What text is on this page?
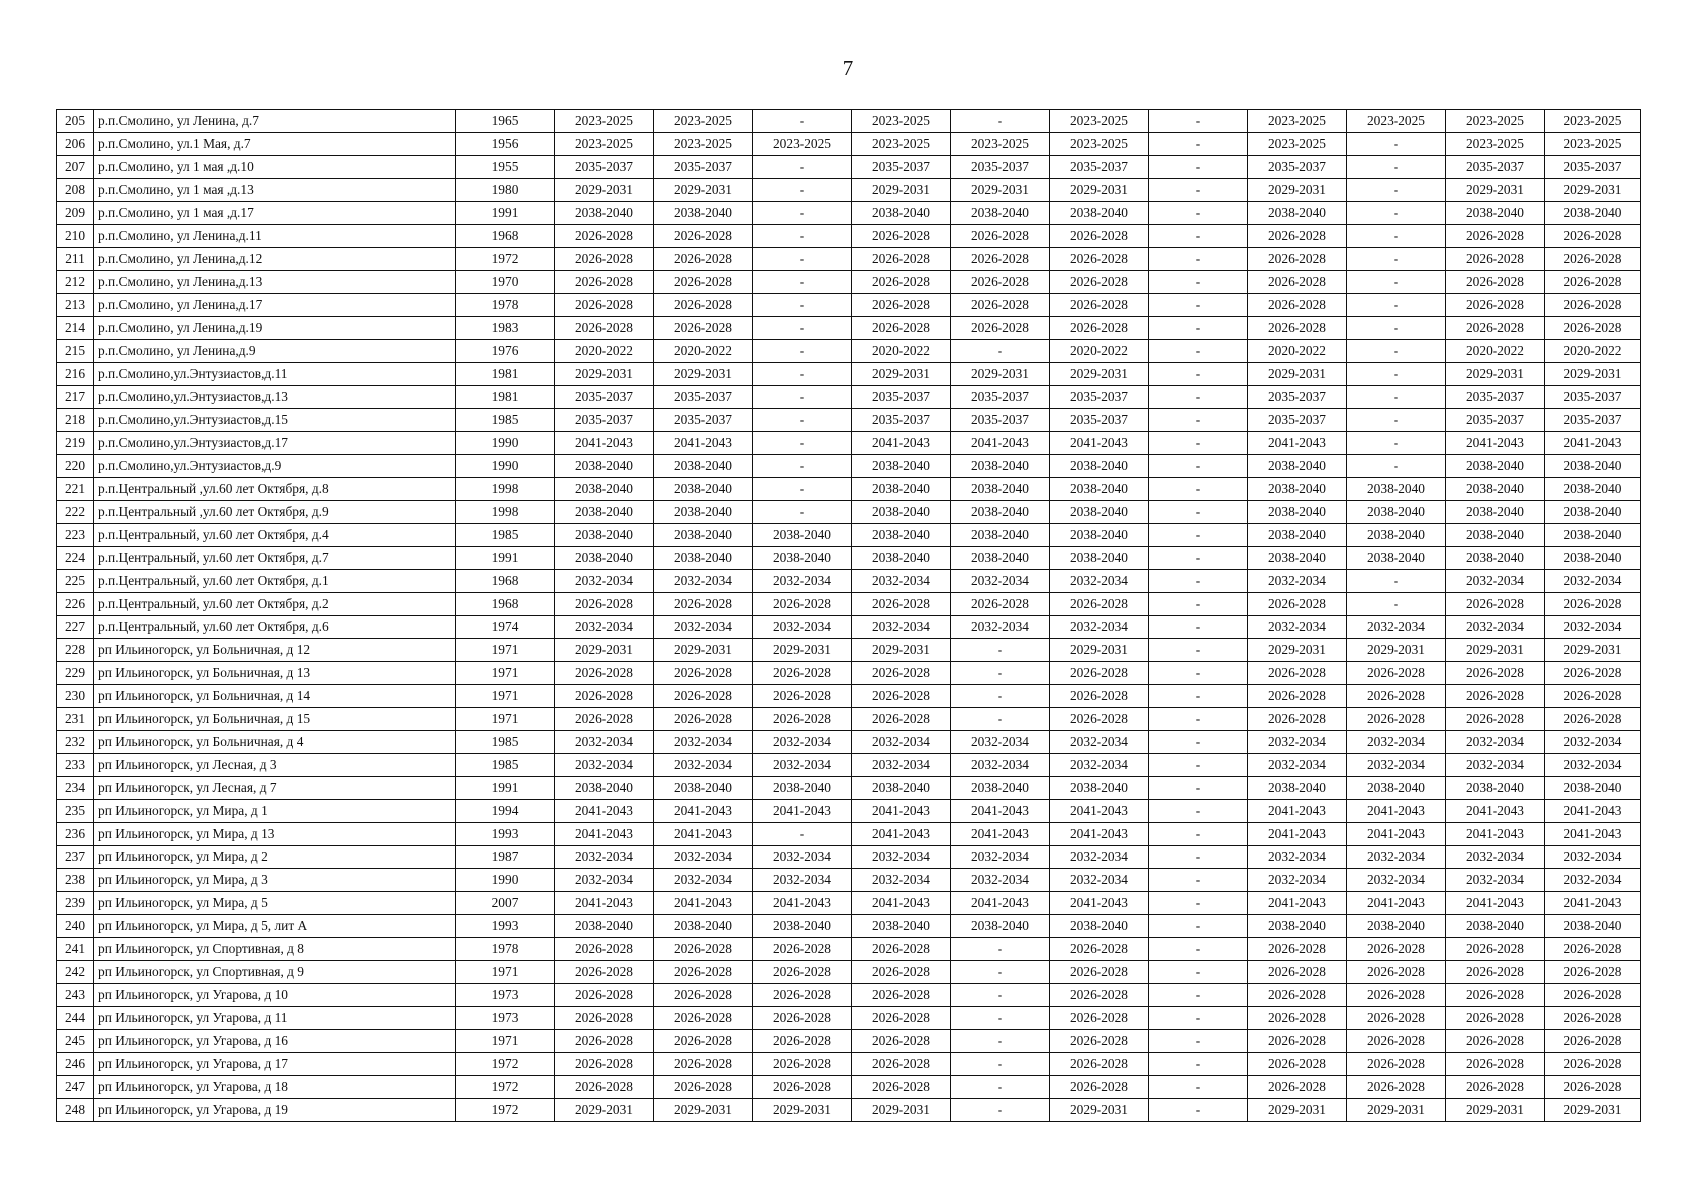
7
205	р.п.Смолино, ул Ленина, д.7	1965	2023-2025	2023-2025	-	2023-2025	-	2023-2025	-	2023-2025	2023-2025	2023-2025	2023-2025
206	р.п.Смолино, ул.1 Мая, д.7	1956	2023-2025	2023-2025	2023-2025	2023-2025	2023-2025	2023-2025	-	2023-2025	-	2023-2025	2023-2025
207	р.п.Смолино, ул 1 мая ,д.10	1955	2035-2037	2035-2037	-	2035-2037	2035-2037	2035-2037	-	2035-2037	-	2035-2037	2035-2037
208	р.п.Смолино, ул 1 мая ,д.13	1980	2029-2031	2029-2031	-	2029-2031	2029-2031	2029-2031	-	2029-2031	-	2029-2031	2029-2031
209	р.п.Смолино, ул 1 мая ,д.17	1991	2038-2040	2038-2040	-	2038-2040	2038-2040	2038-2040	-	2038-2040	-	2038-2040	2038-2040
210	р.п.Смолино, ул Ленина,д.11	1968	2026-2028	2026-2028	-	2026-2028	2026-2028	2026-2028	-	2026-2028	-	2026-2028	2026-2028
211	р.п.Смолино, ул Ленина,д.12	1972	2026-2028	2026-2028	-	2026-2028	2026-2028	2026-2028	-	2026-2028	-	2026-2028	2026-2028
212	р.п.Смолино, ул Ленина,д.13	1970	2026-2028	2026-2028	-	2026-2028	2026-2028	2026-2028	-	2026-2028	-	2026-2028	2026-2028
213	р.п.Смолино, ул Ленина,д.17	1978	2026-2028	2026-2028	-	2026-2028	2026-2028	2026-2028	-	2026-2028	-	2026-2028	2026-2028
214	р.п.Смолино, ул Ленина,д.19	1983	2026-2028	2026-2028	-	2026-2028	2026-2028	2026-2028	-	2026-2028	-	2026-2028	2026-2028
215	р.п.Смолино, ул Ленина,д.9	1976	2020-2022	2020-2022	-	2020-2022	-	2020-2022	-	2020-2022	-	2020-2022	2020-2022
216	р.п.Смолино,ул.Энтузиастов,д.11	1981	2029-2031	2029-2031	-	2029-2031	2029-2031	2029-2031	-	2029-2031	-	2029-2031	2029-2031
217	р.п.Смолино,ул.Энтузиастов,д.13	1981	2035-2037	2035-2037	-	2035-2037	2035-2037	2035-2037	-	2035-2037	-	2035-2037	2035-2037
218	р.п.Смолино,ул.Энтузиастов,д.15	1985	2035-2037	2035-2037	-	2035-2037	2035-2037	2035-2037	-	2035-2037	-	2035-2037	2035-2037
219	р.п.Смолино,ул.Энтузиастов,д.17	1990	2041-2043	2041-2043	-	2041-2043	2041-2043	2041-2043	-	2041-2043	-	2041-2043	2041-2043
220	р.п.Смолино,ул.Энтузиастов,д.9	1990	2038-2040	2038-2040	-	2038-2040	2038-2040	2038-2040	-	2038-2040	-	2038-2040	2038-2040
221	р.п.Центральный ,ул.60 лет Октября, д.8	1998	2038-2040	2038-2040	-	2038-2040	2038-2040	2038-2040	-	2038-2040	2038-2040	2038-2040	2038-2040
222	р.п.Центральный ,ул.60 лет Октября, д.9	1998	2038-2040	2038-2040	-	2038-2040	2038-2040	2038-2040	-	2038-2040	2038-2040	2038-2040	2038-2040
223	р.п.Центральный, ул.60 лет Октября, д.4	1985	2038-2040	2038-2040	2038-2040	2038-2040	2038-2040	2038-2040	-	2038-2040	2038-2040	2038-2040	2038-2040
224	р.п.Центральный, ул.60 лет Октября, д.7	1991	2038-2040	2038-2040	2038-2040	2038-2040	2038-2040	2038-2040	-	2038-2040	2038-2040	2038-2040	2038-2040
225	р.п.Центральный, ул.60 лет Октября, д.1	1968	2032-2034	2032-2034	2032-2034	2032-2034	2032-2034	2032-2034	-	2032-2034	-	2032-2034	2032-2034
226	р.п.Центральный, ул.60 лет Октября, д.2	1968	2026-2028	2026-2028	2026-2028	2026-2028	2026-2028	2026-2028	-	2026-2028	-	2026-2028	2026-2028
227	р.п.Центральный, ул.60 лет Октября, д.6	1974	2032-2034	2032-2034	2032-2034	2032-2034	2032-2034	2032-2034	-	2032-2034	2032-2034	2032-2034	2032-2034
228	рп Ильиногорск, ул Больничная, д 12	1971	2029-2031	2029-2031	2029-2031	2029-2031	-	2029-2031	-	2029-2031	2029-2031	2029-2031	2029-2031
229	рп Ильиногорск, ул Больничная, д 13	1971	2026-2028	2026-2028	2026-2028	2026-2028	-	2026-2028	-	2026-2028	2026-2028	2026-2028	2026-2028
230	рп Ильиногорск, ул Больничная, д 14	1971	2026-2028	2026-2028	2026-2028	2026-2028	-	2026-2028	-	2026-2028	2026-2028	2026-2028	2026-2028
231	рп Ильиногорск, ул Больничная, д 15	1971	2026-2028	2026-2028	2026-2028	2026-2028	-	2026-2028	-	2026-2028	2026-2028	2026-2028	2026-2028
232	рп Ильиногорск, ул Больничная, д 4	1985	2032-2034	2032-2034	2032-2034	2032-2034	2032-2034	2032-2034	-	2032-2034	2032-2034	2032-2034	2032-2034
233	рп Ильиногорск, ул Лесная, д 3	1985	2032-2034	2032-2034	2032-2034	2032-2034	2032-2034	2032-2034	-	2032-2034	2032-2034	2032-2034	2032-2034
234	рп Ильиногорск, ул Лесная, д 7	1991	2038-2040	2038-2040	2038-2040	2038-2040	2038-2040	2038-2040	-	2038-2040	2038-2040	2038-2040	2038-2040
235	рп Ильиногорск, ул Мира, д 1	1994	2041-2043	2041-2043	2041-2043	2041-2043	2041-2043	2041-2043	-	2041-2043	2041-2043	2041-2043	2041-2043
236	рп Ильиногорск, ул Мира, д 13	1993	2041-2043	2041-2043	-	2041-2043	2041-2043	2041-2043	-	2041-2043	2041-2043	2041-2043	2041-2043
237	рп Ильиногорск, ул Мира, д 2	1987	2032-2034	2032-2034	2032-2034	2032-2034	2032-2034	2032-2034	-	2032-2034	2032-2034	2032-2034	2032-2034
238	рп Ильиногорск, ул Мира, д 3	1990	2032-2034	2032-2034	2032-2034	2032-2034	2032-2034	2032-2034	-	2032-2034	2032-2034	2032-2034	2032-2034
239	рп Ильиногорск, ул Мира, д 5	2007	2041-2043	2041-2043	2041-2043	2041-2043	2041-2043	2041-2043	-	2041-2043	2041-2043	2041-2043	2041-2043
240	рп Ильиногорск, ул Мира, д 5, лит А	1993	2038-2040	2038-2040	2038-2040	2038-2040	2038-2040	2038-2040	-	2038-2040	2038-2040	2038-2040	2038-2040
241	рп Ильиногорск, ул Спортивная, д 8	1978	2026-2028	2026-2028	2026-2028	2026-2028	-	2026-2028	-	2026-2028	2026-2028	2026-2028	2026-2028
242	рп Ильиногорск, ул Спортивная, д 9	1971	2026-2028	2026-2028	2026-2028	2026-2028	-	2026-2028	-	2026-2028	2026-2028	2026-2028	2026-2028
243	рп Ильиногорск, ул Угарова, д 10	1973	2026-2028	2026-2028	2026-2028	2026-2028	-	2026-2028	-	2026-2028	2026-2028	2026-2028	2026-2028
244	рп Ильиногорск, ул Угарова, д 11	1973	2026-2028	2026-2028	2026-2028	2026-2028	-	2026-2028	-	2026-2028	2026-2028	2026-2028	2026-2028
245	рп Ильиногорск, ул Угарова, д 16	1971	2026-2028	2026-2028	2026-2028	2026-2028	-	2026-2028	-	2026-2028	2026-2028	2026-2028	2026-2028
246	рп Ильиногорск, ул Угарова, д 17	1972	2026-2028	2026-2028	2026-2028	2026-2028	-	2026-2028	-	2026-2028	2026-2028	2026-2028	2026-2028
247	рп Ильиногорск, ул Угарова, д 18	1972	2026-2028	2026-2028	2026-2028	2026-2028	-	2026-2028	-	2026-2028	2026-2028	2026-2028	2026-2028
248	рп Ильиногорск, ул Угарова, д 19	1972	2029-2031	2029-2031	2029-2031	2029-2031	-	2029-2031	-	2029-2031	2029-2031	2029-2031	2029-2031
